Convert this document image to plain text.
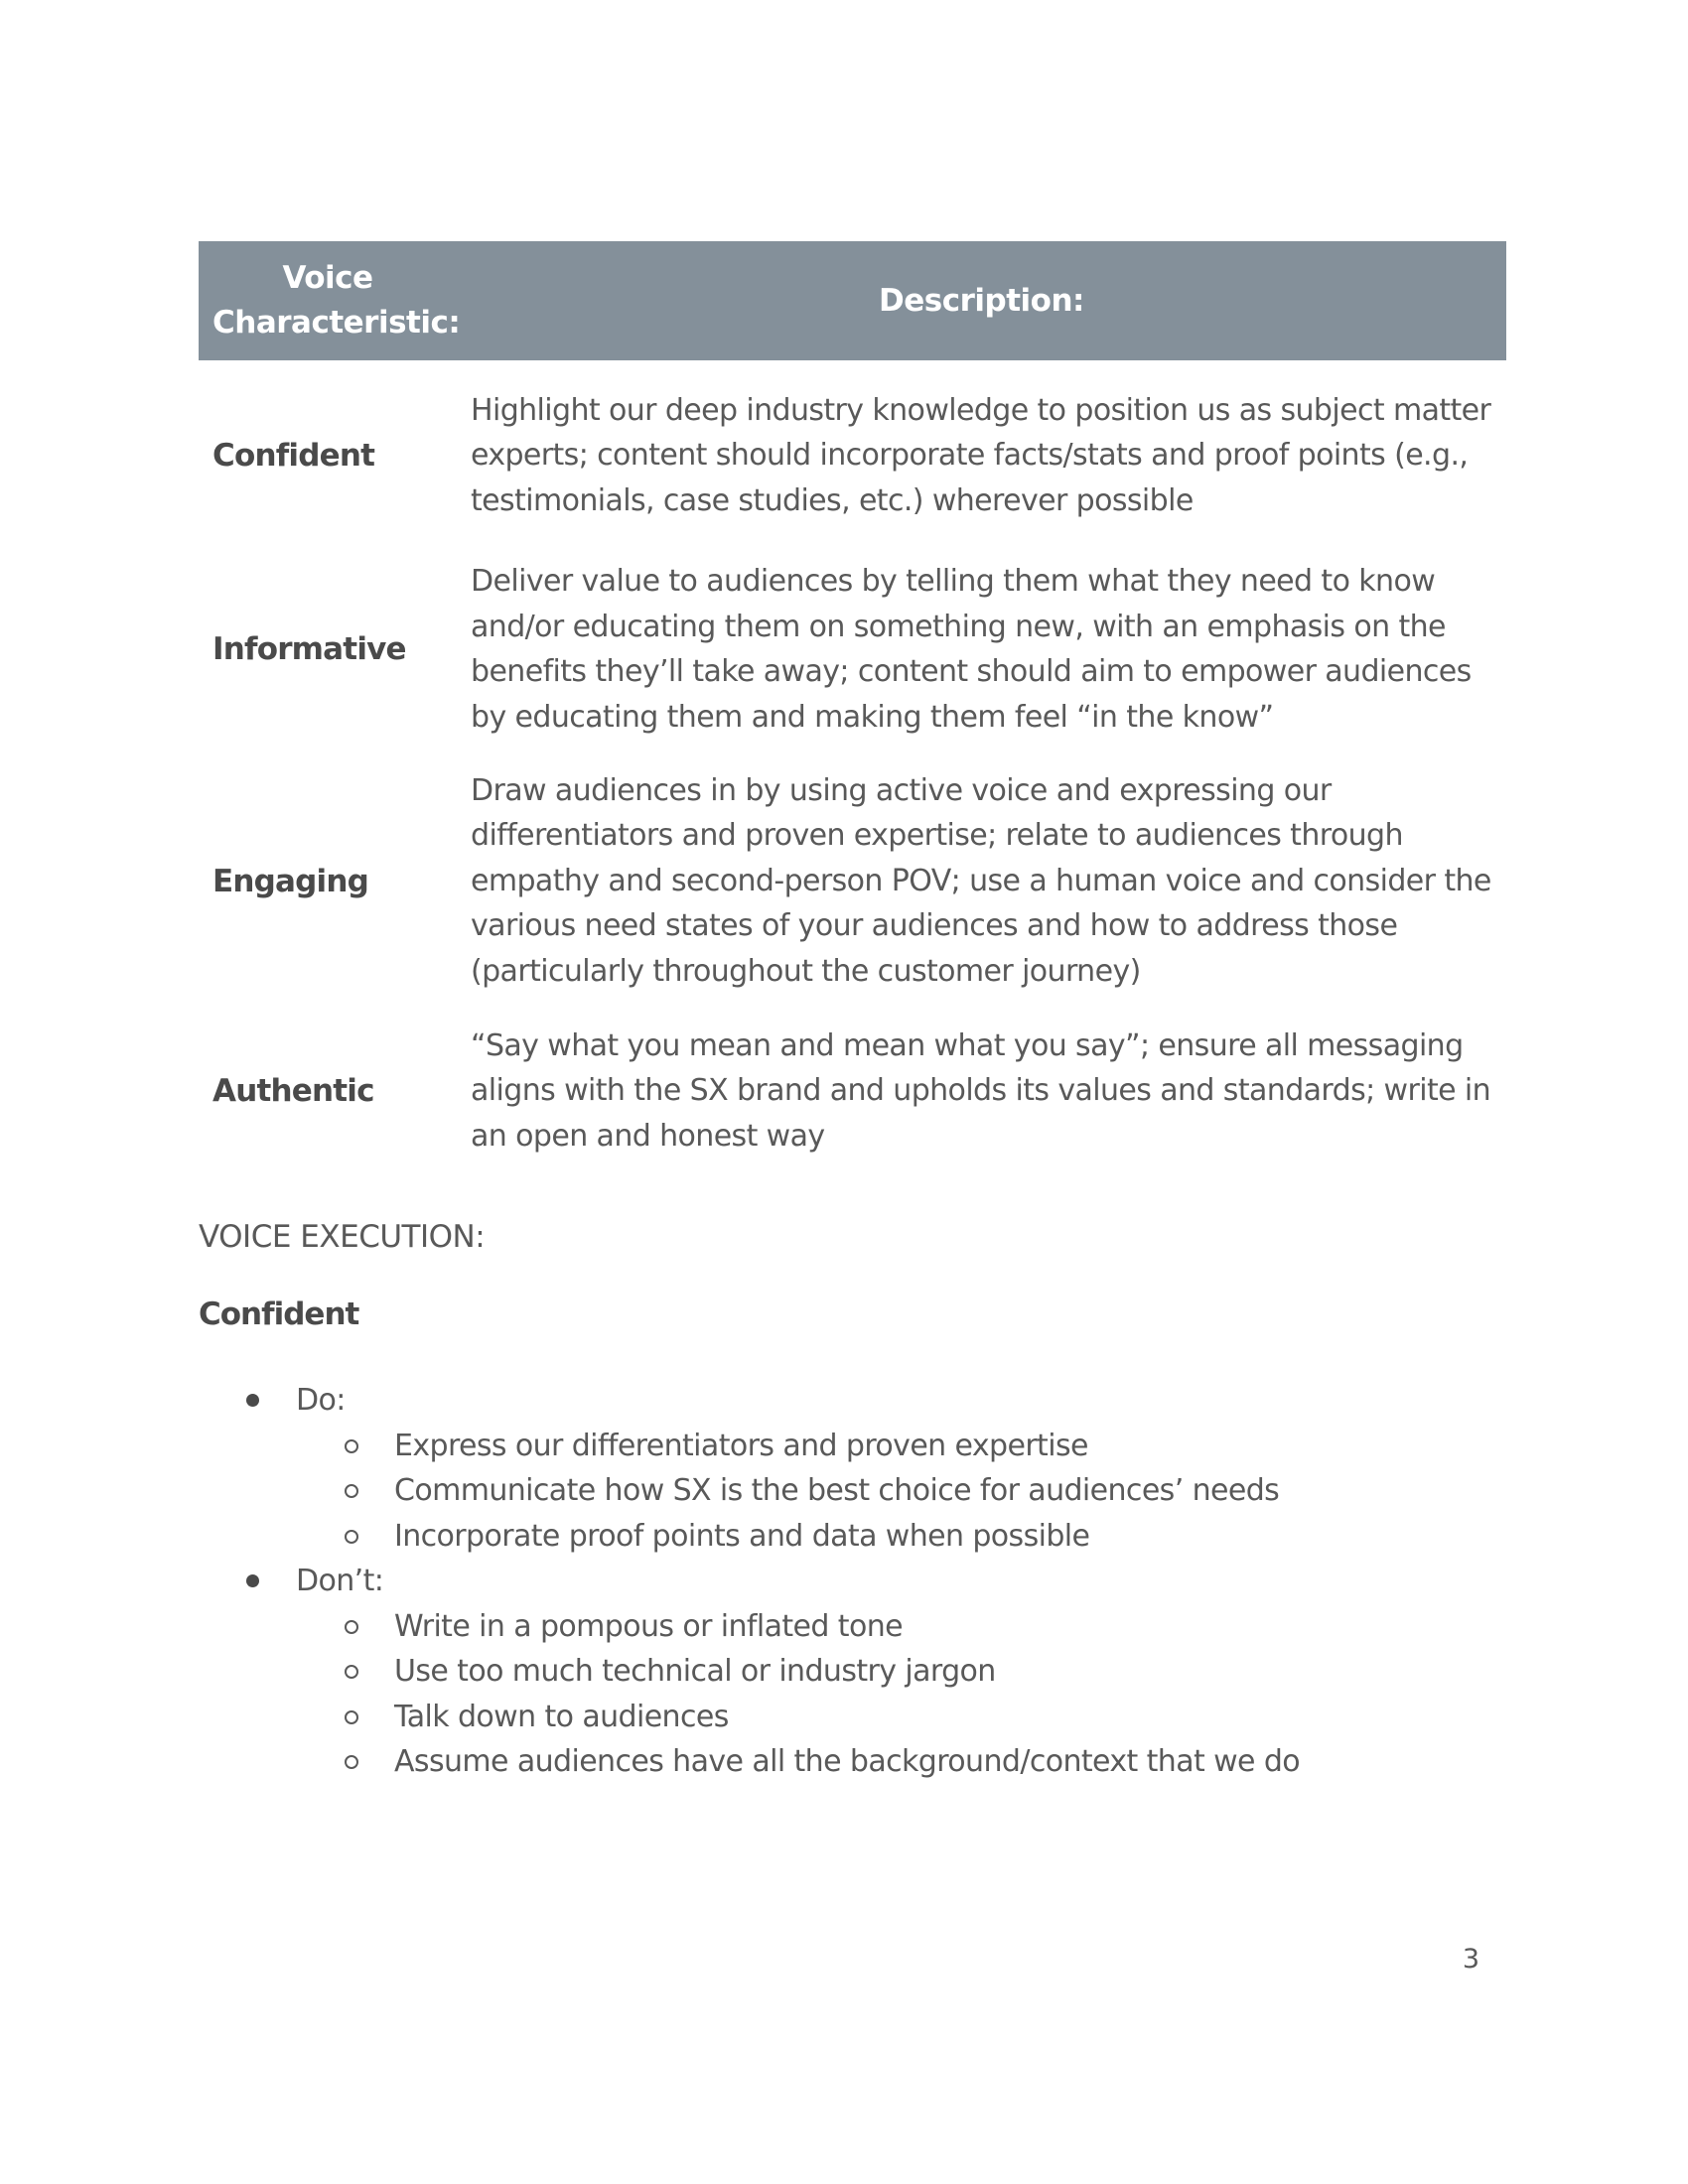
Voice Characteristic:	Description:
Confident	Highlight our deep industry knowledge to position us as subject matter experts; content should incorporate facts/stats and proof points (e.g., testimonials, case studies, etc.) wherever possible

Informative	Deliver value to audiences by telling them what they need to know and/or educating them on something new, with an emphasis on the benefits they’ll take away; content should aim to empower audiences by educating them and making them feel “in the know”

Engaging	Draw audiences in by using active voice and expressing our differentiators and proven expertise; relate to audiences through empathy and second-person POV; use a human voice and consider the various need states of your audiences and how to address those (particularly throughout the customer journey)

Authentic	“Say what you mean and mean what you say”; ensure all messaging aligns with the SX brand and upholds its values and standards; write in an open and honest way
VOICE EXECUTION:
Confident
Do:
Express our differentiators and proven expertise
Communicate how SX is the best choice for audiences’ needs
Incorporate proof points and data when possible
Don’t:
Write in a pompous or inflated tone
Use too much technical or industry jargon
Talk down to audiences
Assume audiences have all the background/context that we do
3
